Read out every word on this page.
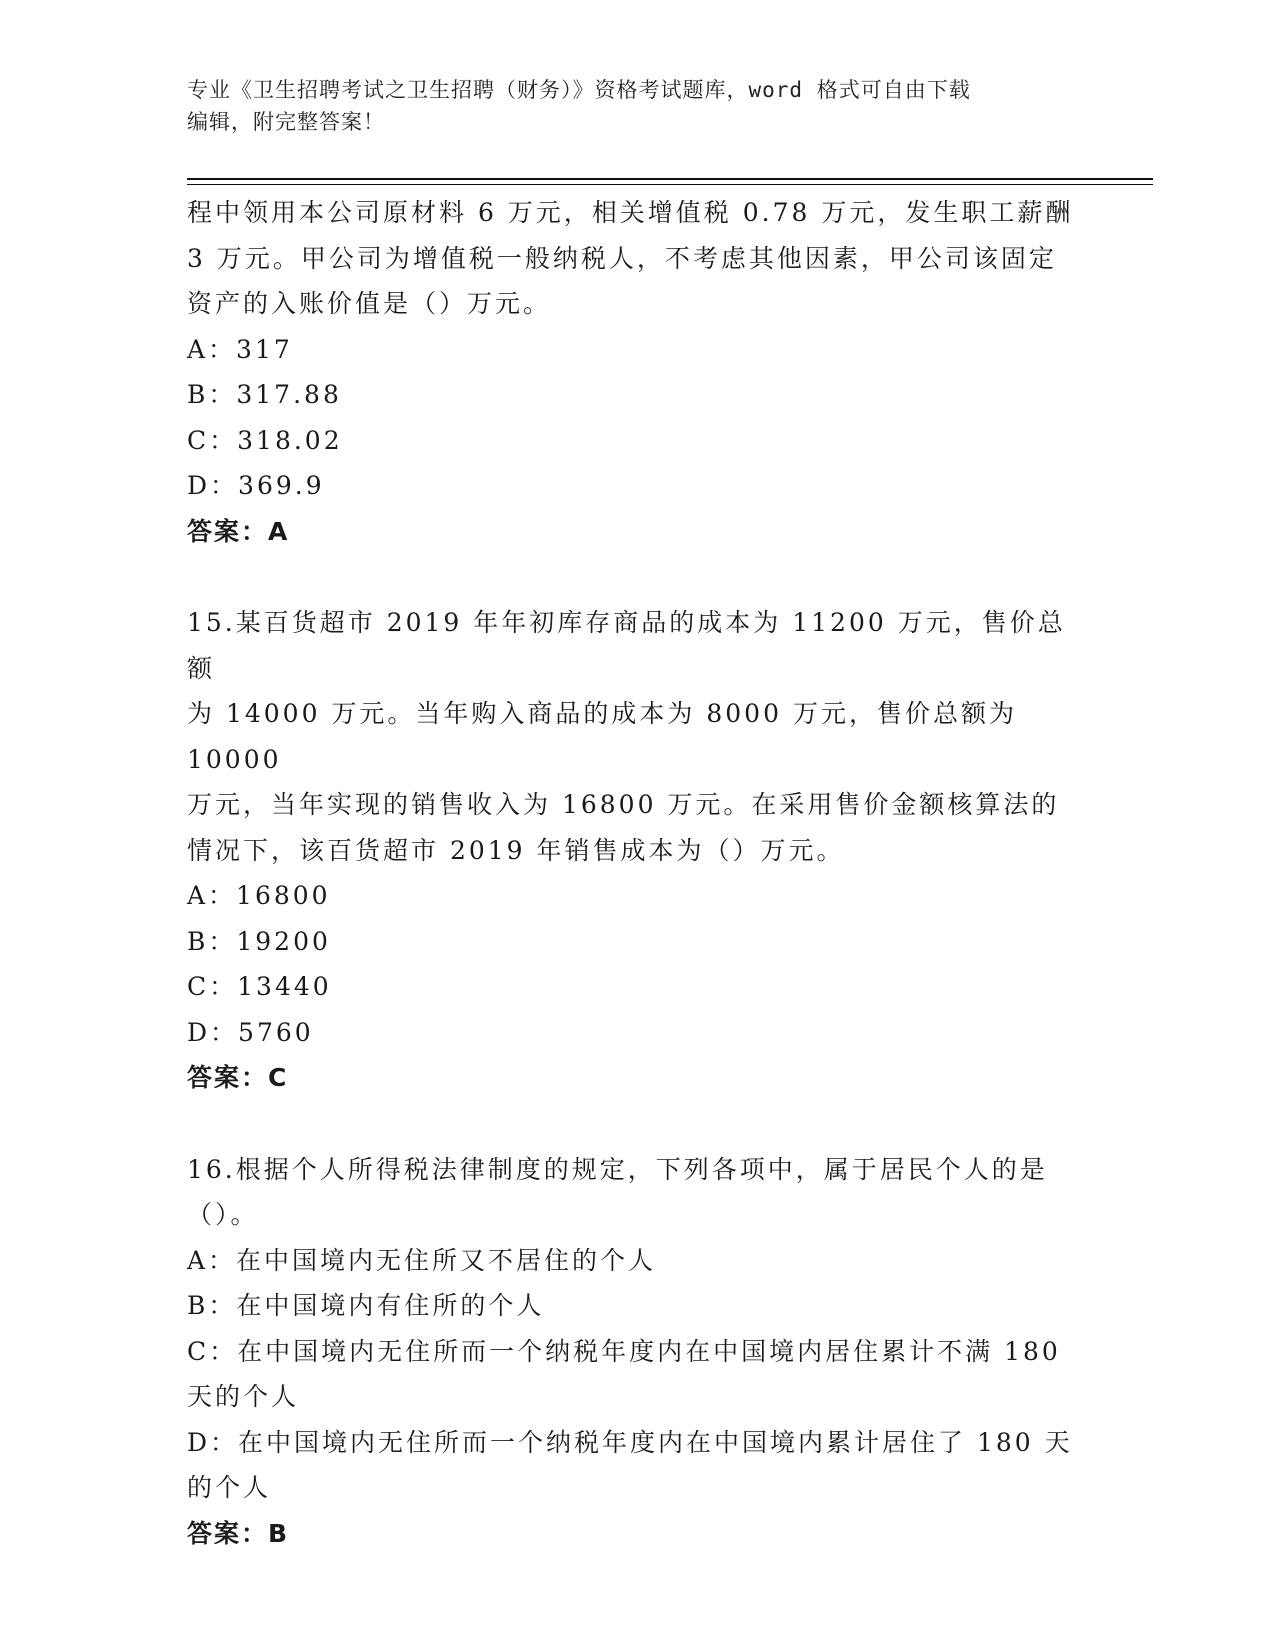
专业《卫生招聘考试之卫生招聘（财务）》资格考试题库，word 格式可自由下载
编辑，附完整答案！

程中领用本公司原材料 6 万元，相关增值税 0.78 万元，发生职工薪酬

3 万元。甲公司为增值税一般纳税人，不考虑其他因素，甲公司该固定

资产的入账价值是（）万元。

A：317

B：317.88

C：318.02

D：369.9

答案：A

15.某百货超市 2019 年年初库存商品的成本为 11200 万元，售价总额

为 14000 万元。当年购入商品的成本为 8000 万元，售价总额为 10000

万元，当年实现的销售收入为 16800 万元。在采用售价金额核算法的

情况下，该百货超市 2019 年销售成本为（）万元。

A：16800

B：19200

C：13440

D：5760

答案：C

16.根据个人所得税法律制度的规定，下列各项中，属于居民个人的是

（）。

A：在中国境内无住所又不居住的个人

B：在中国境内有住所的个人

C：在中国境内无住所而一个纳税年度内在中国境内居住累计不满 180

天的个人

D：在中国境内无住所而一个纳税年度内在中国境内累计居住了 180 天

的个人

答案：B
